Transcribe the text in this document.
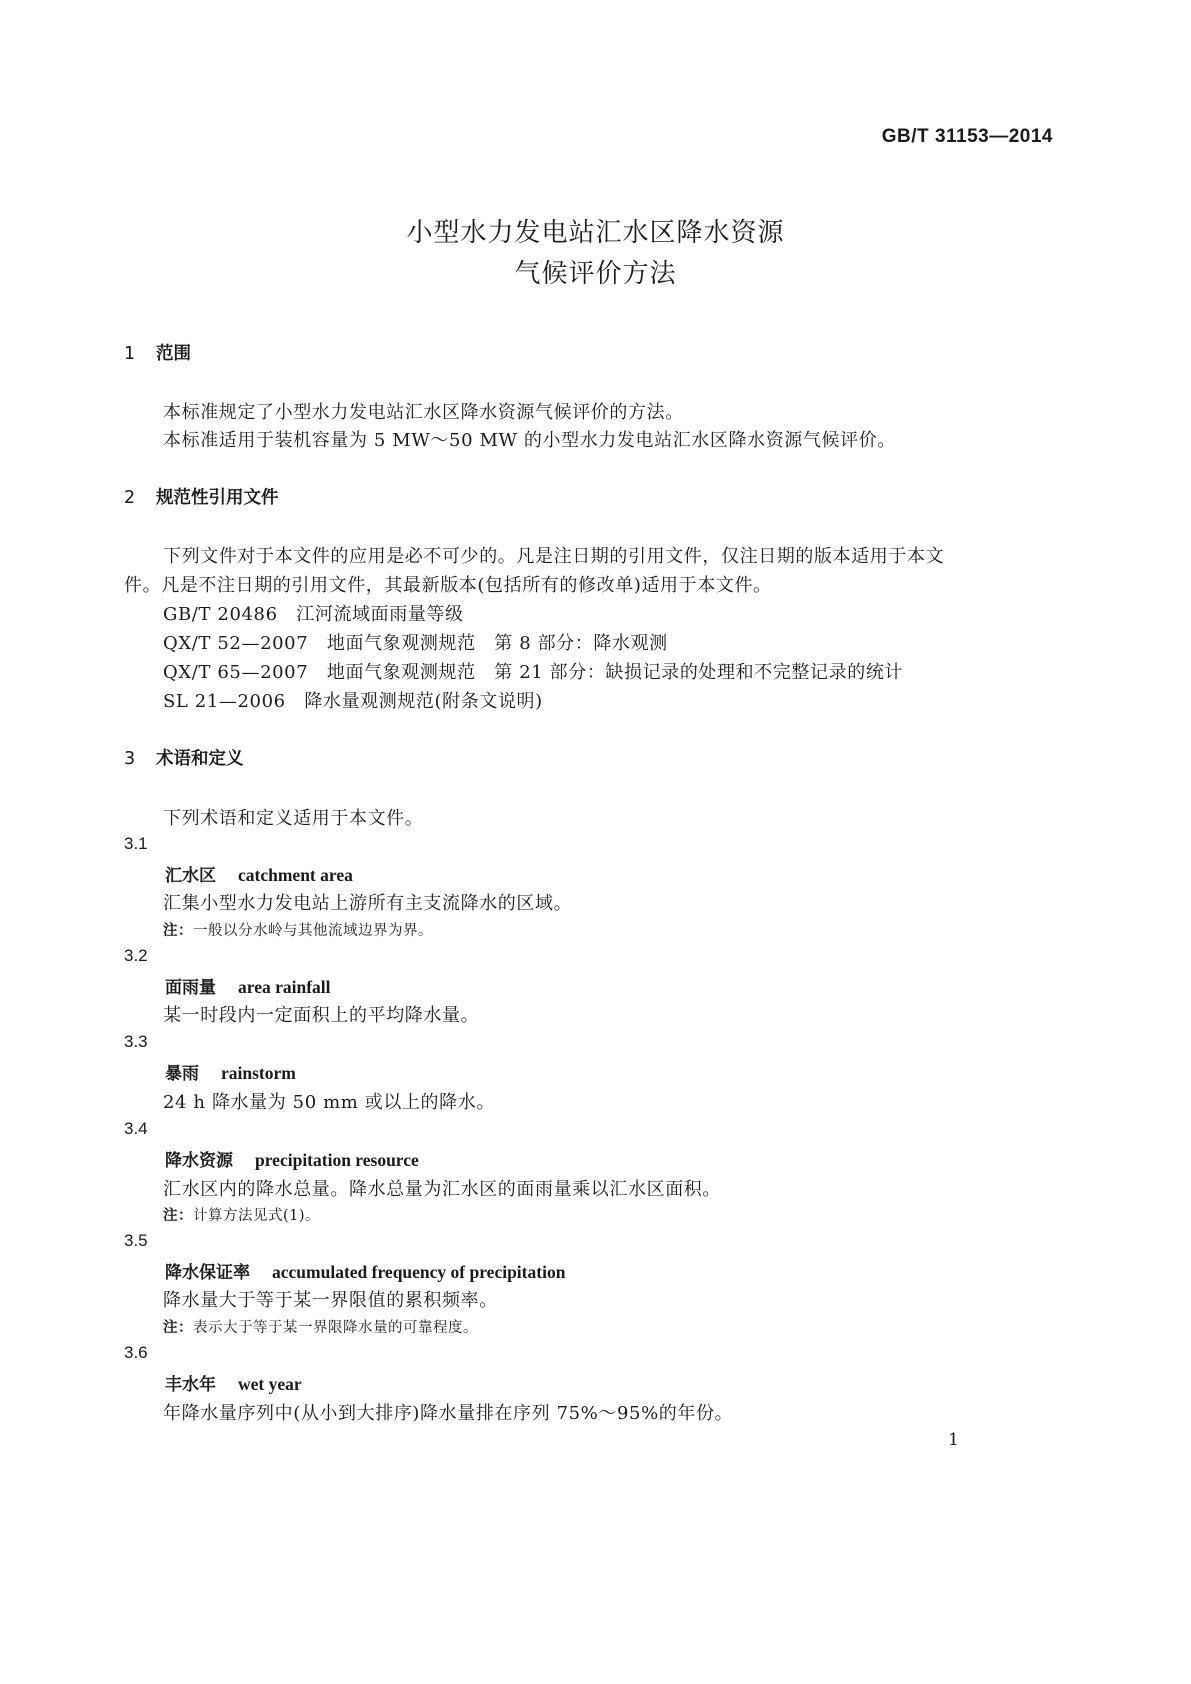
GB/T 31153—2014
小型水力发电站汇水区降水资源
气候评价方法
1 范围
本标准规定了小型水力发电站汇水区降水资源气候评价的方法。
本标准适用于装机容量为 5 MW～50 MW 的小型水力发电站汇水区降水资源气候评价。
2 规范性引用文件
下列文件对于本文件的应用是必不可少的。凡是注日期的引用文件，仅注日期的版本适用于本文
件。凡是不注日期的引用文件，其最新版本(包括所有的修改单)适用于本文件。
GB/T 20486　江河流域面雨量等级
QX/T 52—2007　地面气象观测规范　第 8 部分：降水观测
QX/T 65—2007　地面气象观测规范　第 21 部分：缺损记录的处理和不完整记录的统计
SL 21—2006　降水量观测规范(附条文说明)
3 术语和定义
下列术语和定义适用于本文件。
3.1
汇水区 catchment area
汇集小型水力发电站上游所有主支流降水的区域。
注：一般以分水岭与其他流域边界为界。
3.2
面雨量 area rainfall
某一时段内一定面积上的平均降水量。
3.3
暴雨 rainstorm
24 h 降水量为 50 mm 或以上的降水。
3.4
降水资源 precipitation resource
汇水区内的降水总量。降水总量为汇水区的面雨量乘以汇水区面积。
注：计算方法见式(1)。
3.5
降水保证率 accumulated frequency of precipitation
降水量大于等于某一界限值的累积频率。
注：表示大于等于某一界限降水量的可靠程度。
3.6
丰水年 wet year
年降水量序列中(从小到大排序)降水量排在序列 75%～95%的年份。
1
